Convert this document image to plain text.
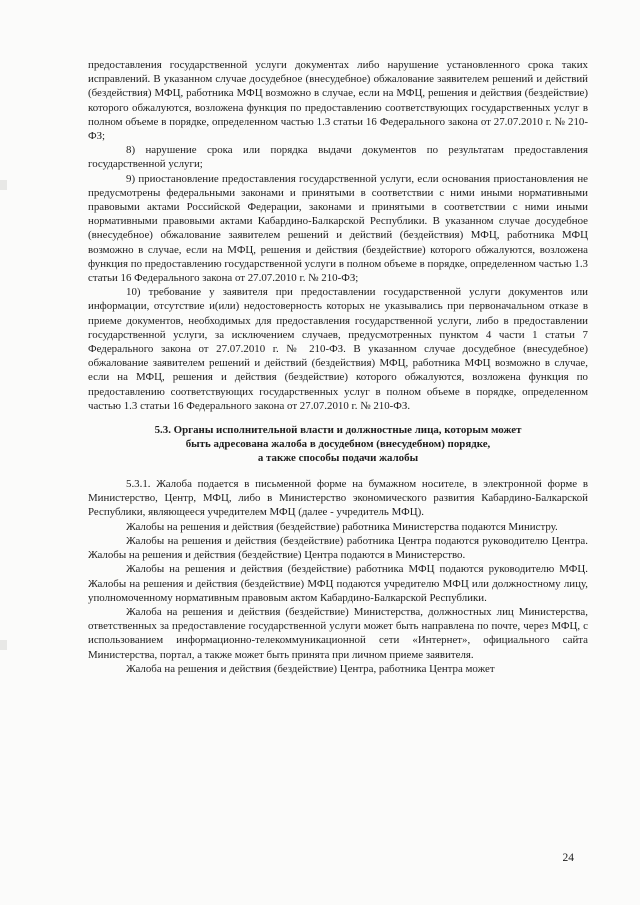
предоставления государственной услуги документах либо нарушение установленного срока таких исправлений. В указанном случае досудебное (внесудебное) обжалование заявителем решений и действий (бездействия) МФЦ, работника МФЦ возможно в случае, если на МФЦ, решения и действия (бездействие) которого обжалуются, возложена функция по предоставлению соответствующих государственных услуг в полном объеме в порядке, определенном частью 1.3 статьи 16 Федерального закона от 27.07.2010 г. № 210-ФЗ;

8) нарушение срока или порядка выдачи документов по результатам предоставления государственной услуги;

9) приостановление предоставления государственной услуги, если основания приостановления не предусмотрены федеральными законами и принятыми в соответствии с ними иными нормативными правовыми актами Российской Федерации, законами и принятыми в соответствии с ними иными нормативными правовыми актами Кабардино-Балкарской Республики. В указанном случае досудебное (внесудебное) обжалование заявителем решений и действий (бездействия) МФЦ, работника МФЦ возможно в случае, если на МФЦ, решения и действия (бездействие) которого обжалуются, возложена функция по предоставлению государственной услуги в полном объеме в порядке, определенном частью 1.3 статьи 16 Федерального закона от 27.07.2010 г. № 210-ФЗ;

10) требование у заявителя при предоставлении государственной услуги документов или информации, отсутствие и(или) недостоверность которых не указывались при первоначальном отказе в приеме документов, необходимых для предоставления государственной услуги, либо в предоставлении государственной услуги, за исключением случаев, предусмотренных пунктом 4 части 1 статьи 7 Федерального закона от 27.07.2010 г. № 210-ФЗ. В указанном случае досудебное (внесудебное) обжалование заявителем решений и действий (бездействия) МФЦ, работника МФЦ возможно в случае, если на МФЦ, решения и действия (бездействие) которого обжалуются, возложена функция по предоставлению соответствующих государственных услуг в полном объеме в порядке, определенном частью 1.3 статьи 16 Федерального закона от 27.07.2010 г. № 210-ФЗ.

5.3. Органы исполнительной власти и должностные лица, которым может
быть адресована жалоба в досудебном (внесудебном) порядке,
а также способы подачи жалобы

5.3.1. Жалоба подается в письменной форме на бумажном носителе, в электронной форме в Министерство, Центр, МФЦ, либо в Министерство экономического развития Кабардино-Балкарской Республики, являющееся учредителем МФЦ (далее - учредитель МФЦ).

Жалобы на решения и действия (бездействие) работника Министерства подаются Министру.

Жалобы на решения и действия (бездействие) работника Центра подаются руководителю Центра. Жалобы на решения и действия (бездействие) Центра подаются в Министерство.

Жалобы на решения и действия (бездействие) работника МФЦ подаются руководителю МФЦ. Жалобы на решения и действия (бездействие) МФЦ подаются учредителю МФЦ или должностному лицу, уполномоченному нормативным правовым актом Кабардино-Балкарской Республики.

Жалоба на решения и действия (бездействие) Министерства, должностных лиц Министерства, ответственных за предоставление государственной услуги может быть направлена по почте, через МФЦ, с использованием информационно-телекоммуникационной сети «Интернет», официального сайта Министерства, портал, а также может быть принята при личном приеме заявителя.

Жалоба на решения и действия (бездействие) Центра, работника Центра может

24
